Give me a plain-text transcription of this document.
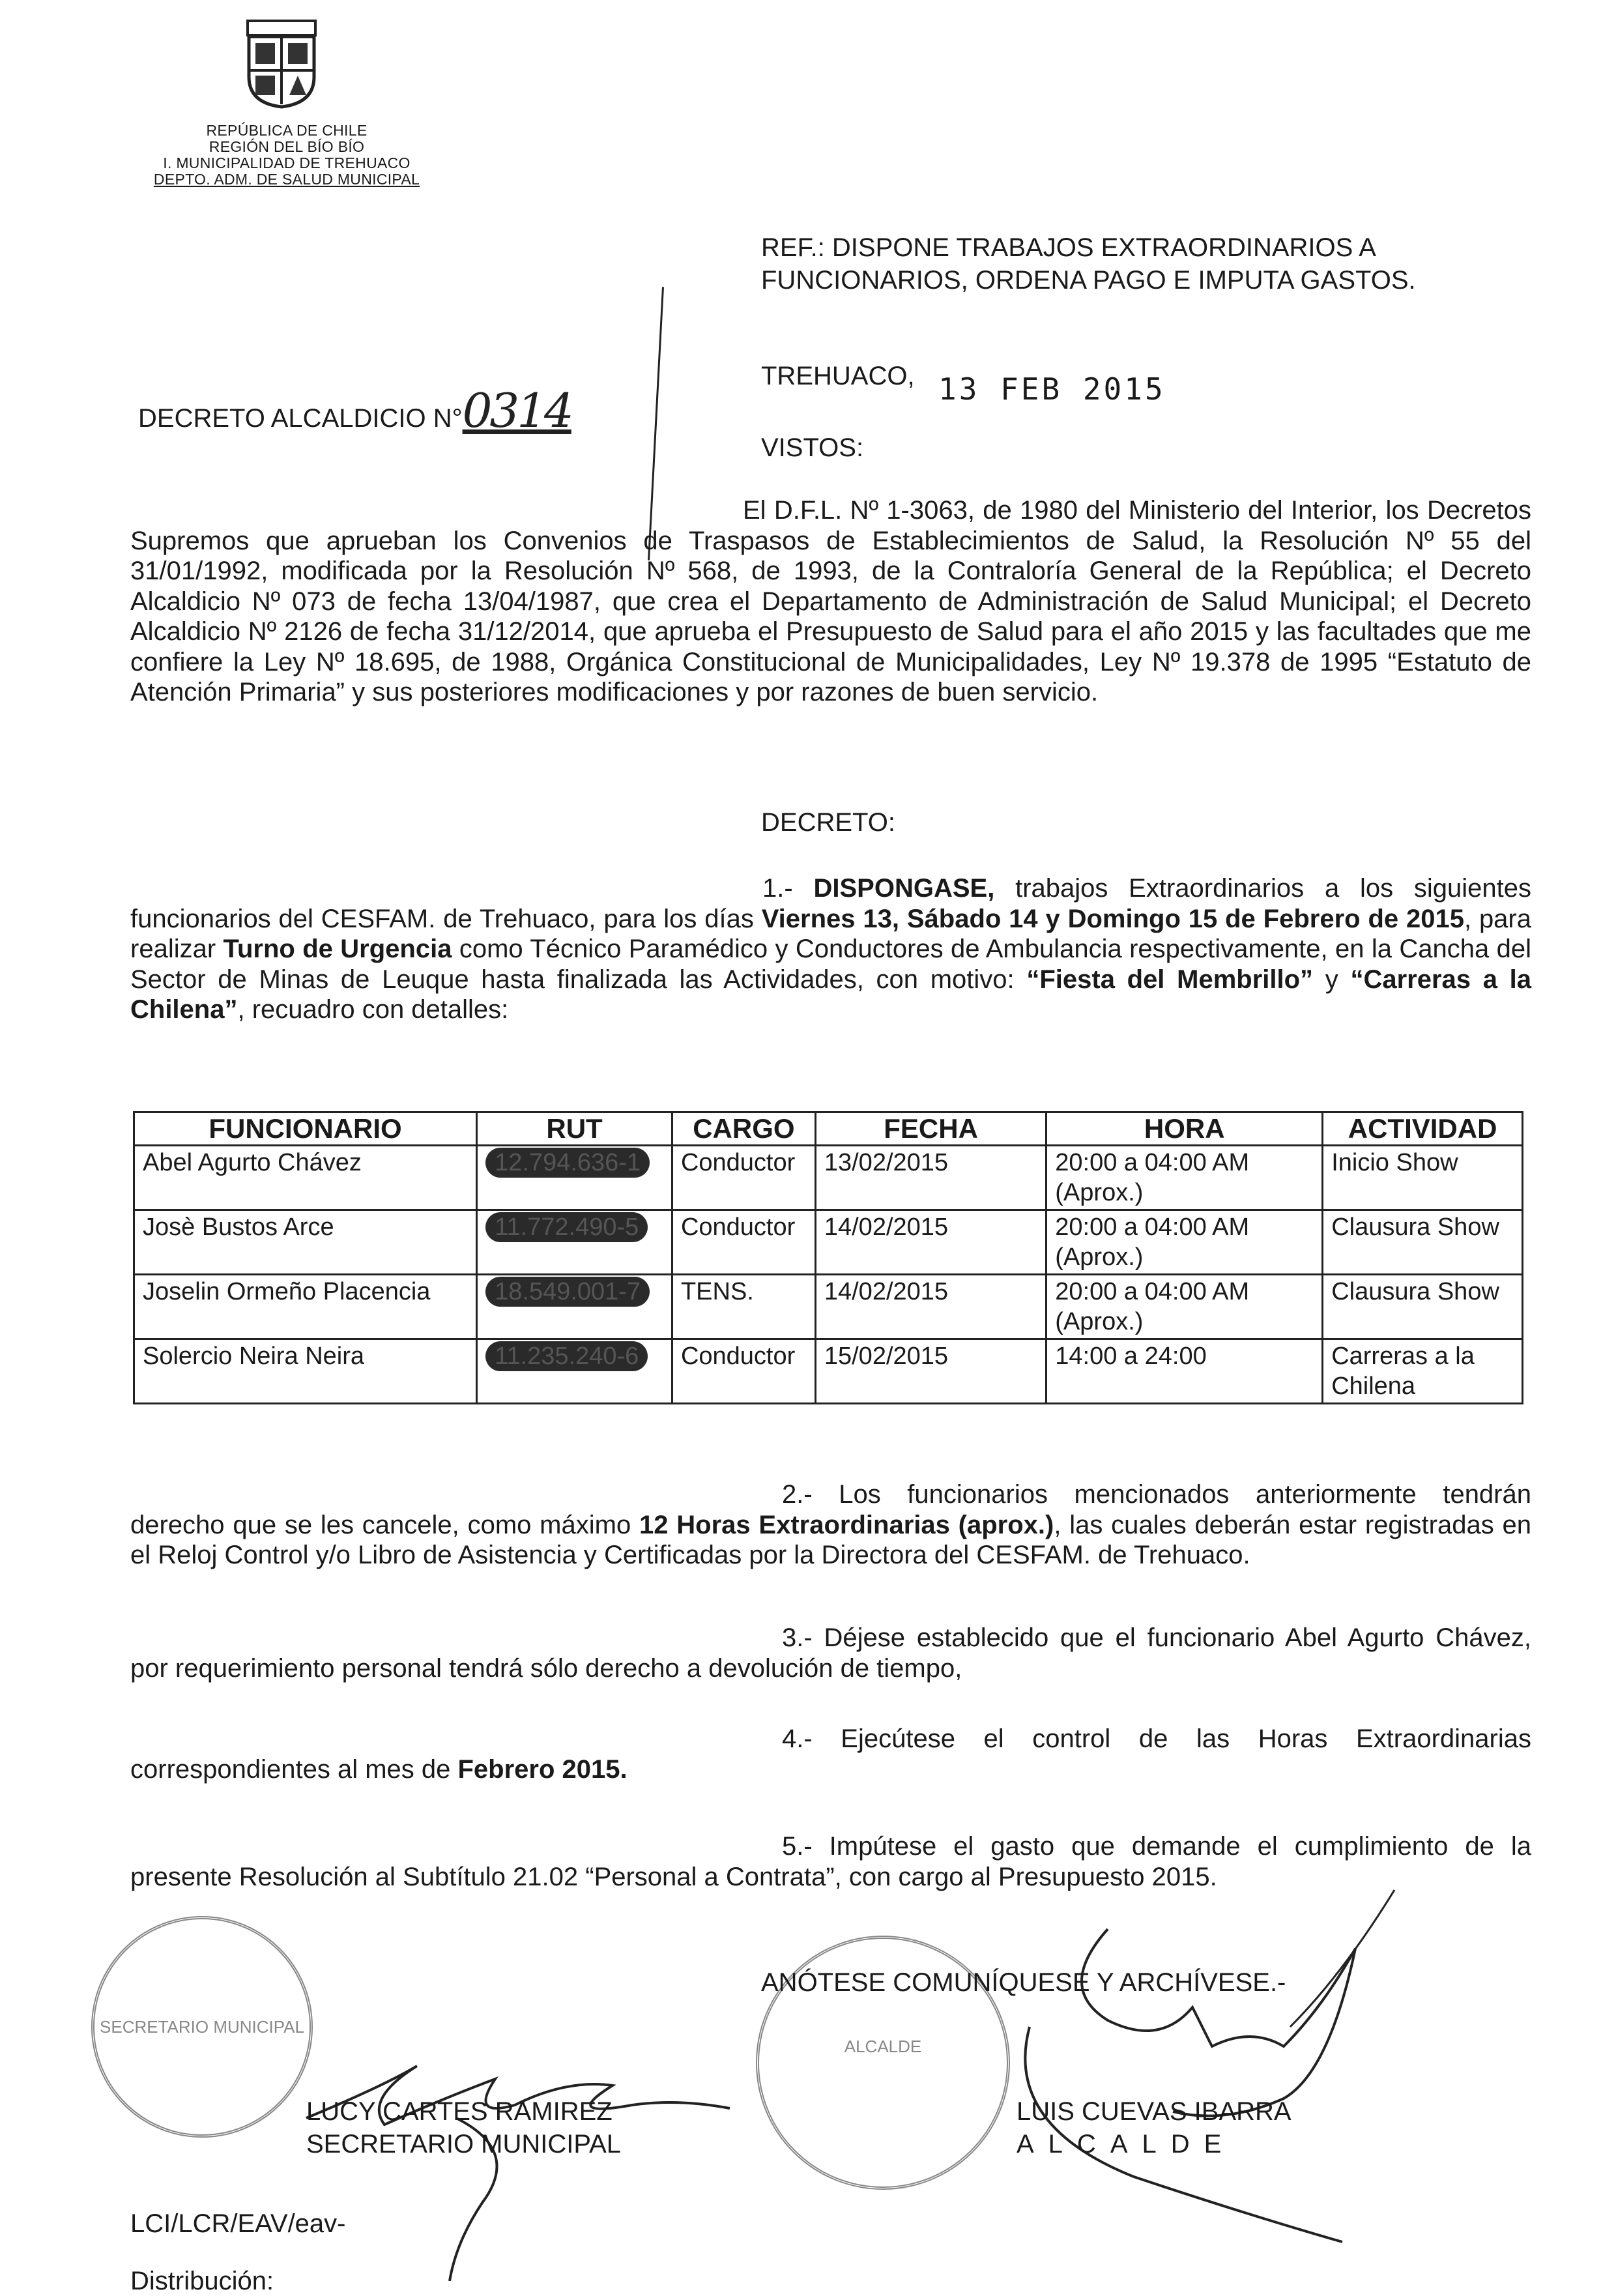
REPÚBLICA DE CHILE
REGIÓN DEL BÍO BÍO
I. MUNICIPALIDAD DE TREHUACO
DEPTO. ADM. DE SALUD MUNICIPAL
REF.: DISPONE TRABAJOS EXTRAORDINARIOS A FUNCIONARIOS, ORDENA PAGO E IMPUTA GASTOS.
DECRETO ALCALDICIO N°0314
TREHUACO, 13 FEB 2015
VISTOS:
El D.F.L. Nº 1-3063, de 1980 del Ministerio del Interior, los Decretos Supremos que aprueban los Convenios de Traspasos de Establecimientos de Salud, la Resolución Nº 55 del 31/01/1992, modificada por la Resolución Nº 568, de 1993, de la Contraloría General de la República; el Decreto Alcaldicio Nº 073 de fecha 13/04/1987, que crea el Departamento de Administración de Salud Municipal; el Decreto Alcaldicio Nº 2126 de fecha 31/12/2014, que aprueba el Presupuesto de Salud para el año 2015 y las facultades que me confiere la Ley Nº 18.695, de 1988, Orgánica Constitucional de Municipalidades, Ley Nº 19.378 de 1995 “Estatuto de Atención Primaria” y sus posteriores modificaciones y por razones de buen servicio.
DECRETO:
1.- DISPONGASE, trabajos Extraordinarios a los siguientes funcionarios del CESFAM. de Trehuaco, para los días Viernes 13, Sábado 14 y Domingo 15 de Febrero de 2015, para realizar Turno de Urgencia como Técnico Paramédico y Conductores de Ambulancia respectivamente, en la Cancha del Sector de Minas de Leuque hasta finalizada las Actividades, con motivo: “Fiesta del Membrillo” y “Carreras a la Chilena”, recuadro con detalles:
FUNCIONARIO	RUT	CARGO	FECHA	HORA	ACTIVIDAD
Abel Agurto Chávez	12.794.636-1	Conductor	13/02/2015	20:00 a 04:00 AM (Aprox.)	Inicio Show
Josè Bustos Arce	11.772.490-5	Conductor	14/02/2015	20:00 a 04:00 AM (Aprox.)	Clausura Show
Joselin Ormeño Placencia	18.549.001-7	TENS.	14/02/2015	20:00 a 04:00 AM (Aprox.)	Clausura Show
Solercio Neira Neira	11.235.240-6	Conductor	15/02/2015	14:00 a 24:00	Carreras a la Chilena
2.- Los funcionarios mencionados anteriormente tendrán derecho que se les cancele, como máximo 12 Horas Extraordinarias (aprox.), las cuales deberán estar registradas en el Reloj Control y/o Libro de Asistencia y Certificadas por la Directora del CESFAM. de Trehuaco.
3.- Déjese establecido que el funcionario Abel Agurto Chávez, por requerimiento personal tendrá sólo derecho a devolución de tiempo,
4.- Ejecútese el control de las Horas Extraordinarias correspondientes al mes de Febrero 2015.
5.- Impútese el gasto que demande el cumplimiento de la presente Resolución al Subtítulo 21.02 “Personal a Contrata”, con cargo al Presupuesto 2015.
SECRETARIO MUNICIPAL
ALCALDE
ANÓTESE COMUNÍQUESE Y ARCHÍVESE.-
LUCY CARTES RAMIREZ
SECRETARIO MUNICIPAL
LUIS CUEVAS IBARRA
ALCALDE
LCI/LCR/EAV/eav-
Distribución:
